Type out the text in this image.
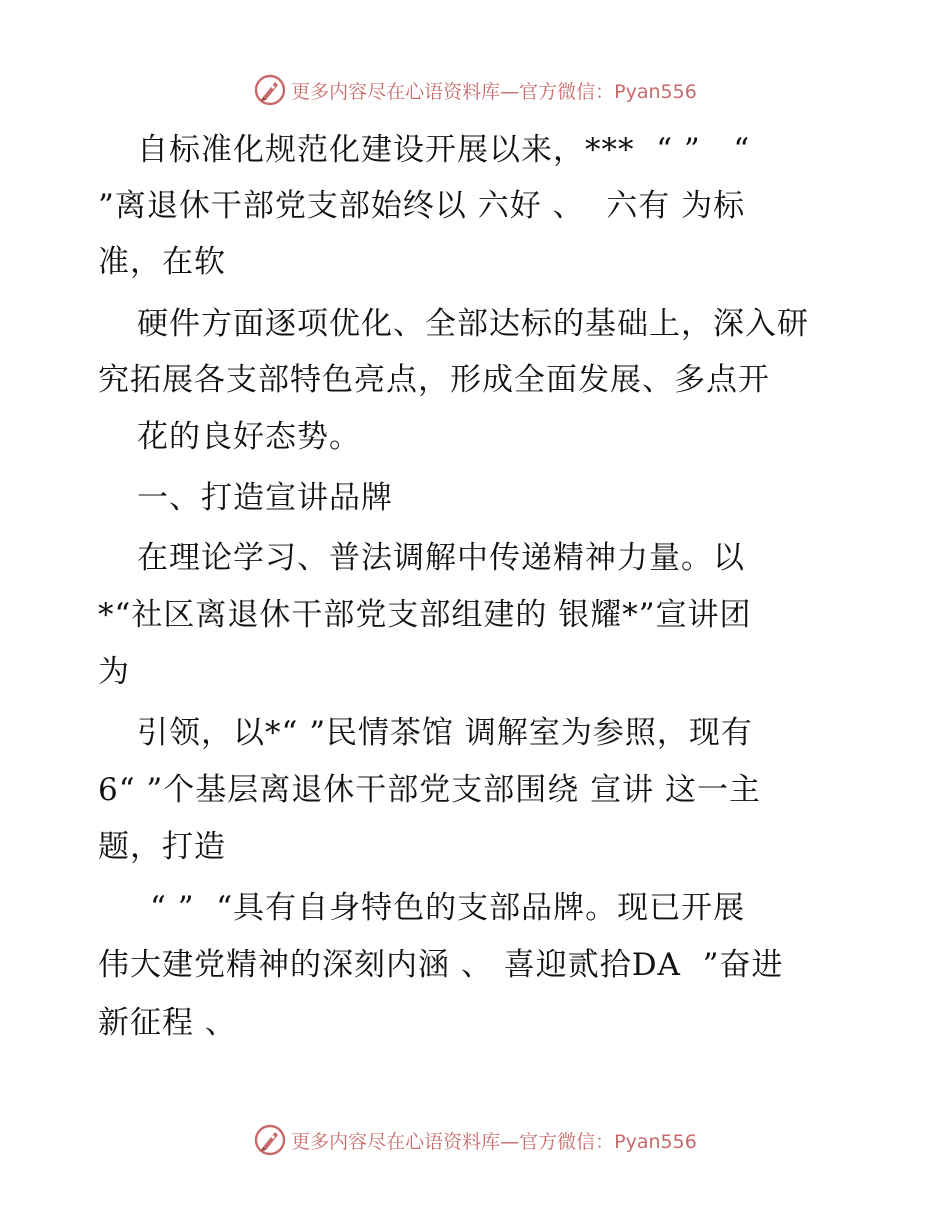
更多内容尽在心语资料库—官方微信：Pyan556
自标准化规范化建设开展以来，***  “ ”   “
”离退休干部党支部始终以 六好 、  六有 为标
准，在软
硬件方面逐项优化、全部达标的基础上，深入研
究拓展各支部特色亮点，形成全面发展、多点开
花的良好态势。
一、打造宣讲品牌
在理论学习、普法调解中传递精神力量。以
*“社区离退休干部党支部组建的 银耀*”宣讲团
为
引领，以*“ ”民情茶馆 调解室为参照，现有
6“ ”个基层离退休干部党支部围绕 宣讲 这一主
题，打造
“ ”  “具有自身特色的支部品牌。现已开展
伟大建党精神的深刻内涵 、 喜迎贰拾DA  ”奋进
新征程 、
更多内容尽在心语资料库—官方微信：Pyan556
